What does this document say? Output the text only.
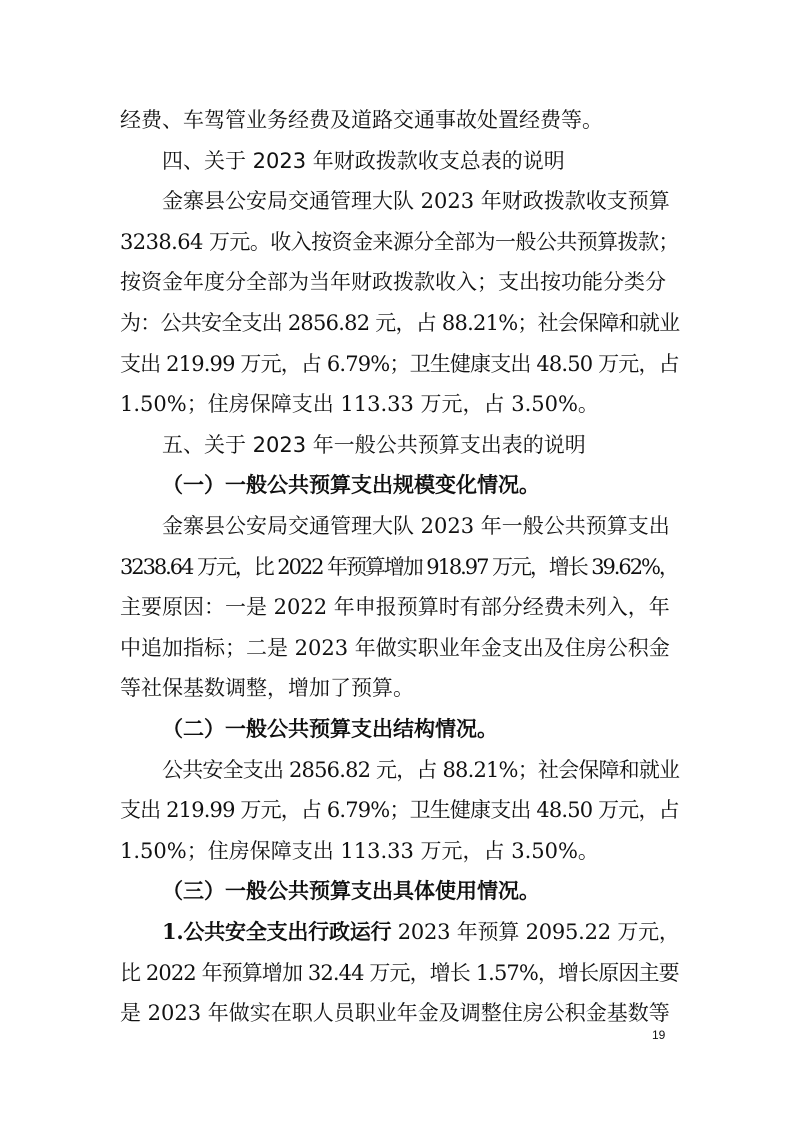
经费、车驾管业务经费及道路交通事故处置经费等。
四、关于 2023 年财政拨款收支总表的说明
金寨县公安局交通管理大队 2023 年财政拨款收支预算
3238.64 万元。收入按资金来源分全部为一般公共预算拨款；
按资金年度分全部为当年财政拨款收入；支出按功能分类分
为：公共安全支出 2856.82 元，占 88.21%；社会保障和就业
支出 219.99 万元，占 6.79%；卫生健康支出 48.50 万元，占
1.50%；住房保障支出 113.33 万元，占 3.50%。
五、关于 2023 年一般公共预算支出表的说明
（一）一般公共预算支出规模变化情况。
金寨县公安局交通管理大队 2023 年一般公共预算支出
3238.64 万元，比 2022 年预算增加 918.97 万元，增长 39.62%，
主要原因：一是 2022 年申报预算时有部分经费未列入，年
中追加指标；二是 2023 年做实职业年金支出及住房公积金
等社保基数调整，增加了预算。
（二）一般公共预算支出结构情况。
公共安全支出 2856.82 元，占 88.21%；社会保障和就业
支出 219.99 万元，占 6.79%；卫生健康支出 48.50 万元，占
1.50%；住房保障支出 113.33 万元，占 3.50%。
（三）一般公共预算支出具体使用情况。
1.公共安全支出行政运行 2023 年预算 2095.22 万元，
比 2022 年预算增加 32.44 万元，增长 1.57%，增长原因主要
是 2023 年做实在职人员职业年金及调整住房公积金基数等
19
